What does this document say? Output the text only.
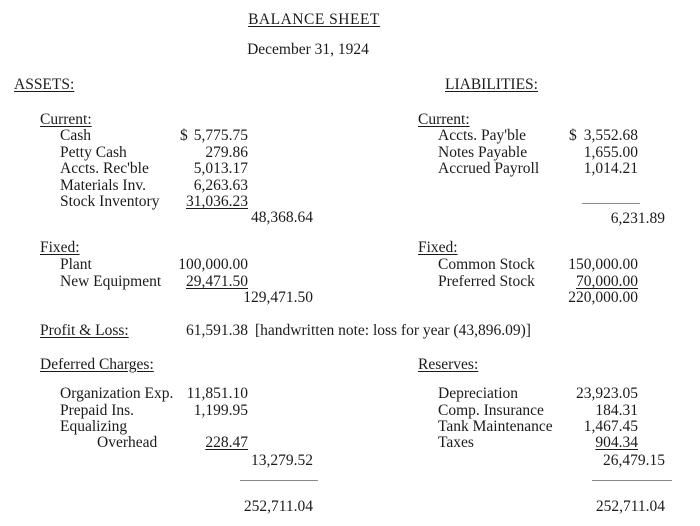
BALANCE SHEET
December 31, 1924
ASSETS:
Current:
Cash	$ 5,775.75
Petty Cash	279.86
Accts. Rec'ble	5,013.17
Materials Inv.	6,263.63
Stock Inventory	31,036.23
48,368.64
Fixed:
Plant	100,000.00
New Equipment	29,471.50
129,471.50
Profit & Loss:	61,591.38 [handwritten note: loss for year (43,896.09)]
Deferred Charges:
Organization Exp. 11,851.10
Prepaid Ins.	1,199.95
Equalizing
Overhead	228.47
13,279.52
252,711.04
LIABILITIES:
Current:
Accts. Pay'ble	$ 3,552.68
Notes Payable	1,655.00
Accrued Payroll	1,014.21
6,231.89
Fixed:
Common Stock	150,000.00
Preferred Stock	70,000.00
220,000.00
Reserves:
Depreciation	23,923.05
Comp. Insurance	184.31
Tank Maintenance	1,467.45
Taxes	904.34
26,479.15
252,711.04
